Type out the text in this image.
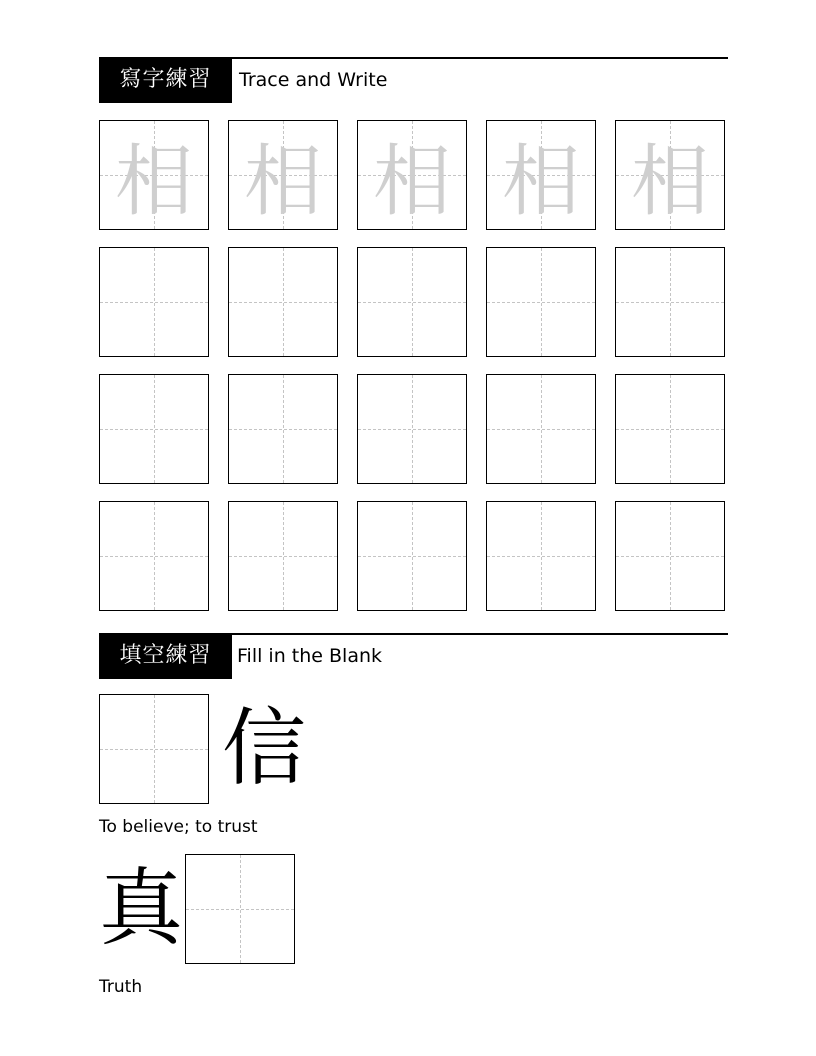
寫字練習	Trace and Write
相 相 相 相 相
填空練習	Fill in the Blank
信
To believe; to trust
真
Truth
